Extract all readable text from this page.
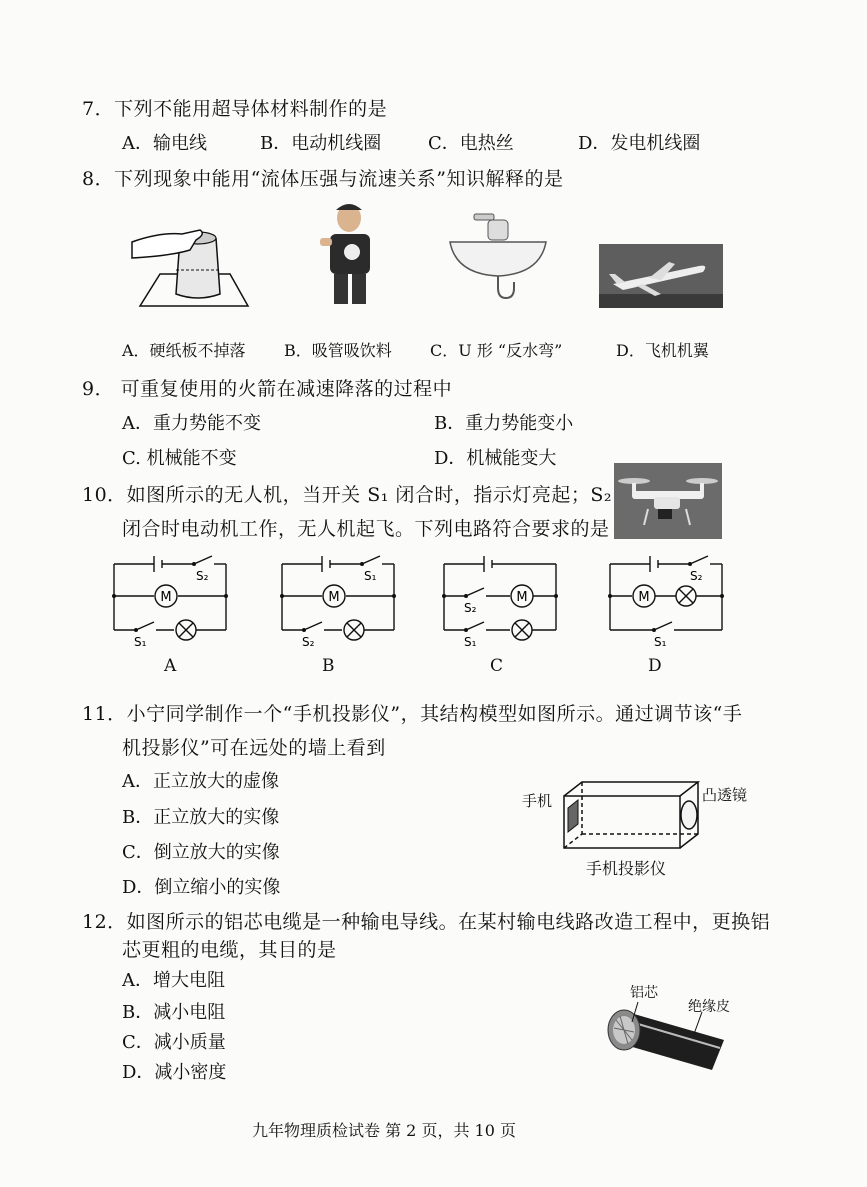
7．下列不能用超导体材料制作的是
A．输电线	B．电动机线圈	C．电热丝	D．发电机线圈
8．下列现象中能用“流体压强与流速关系”知识解释的是
A．硬纸板不掉落 B．吸管吸饮料 C．U 形 “反水弯”	D．飞机机翼
9． 可重复使用的火箭在减速降落的过程中
A．重力势能不变	B．重力势能变小
C. 机械能不变	D．机械能变大
10．如图所示的无人机，当开关 S₁ 闭合时，指示灯亮起；S₂
闭合时电动机工作，无人机起飞。下列电路符合要求的是
M
S₂
S₁
M
S₁
S₂
M
S₂
S₁
M
S₂
S₁
A	B	C	D
11．小宁同学制作一个“手机投影仪”，其结构模型如图所示。通过调节该“手
机投影仪”可在远处的墙上看到
A．正立放大的虚像
B．正立放大的实像
C．倒立放大的实像
D．倒立缩小的实像
手机	凸透镜
手机投影仪
12．如图所示的铝芯电缆是一种输电导线。在某村输电线路改造工程中，更换铝
芯更粗的电缆，其目的是
A．增大电阻
B．减小电阻
C．减小质量
D．减小密度
铝芯
绝缘皮
九年物理质检试卷 第 2 页，共 10 页
